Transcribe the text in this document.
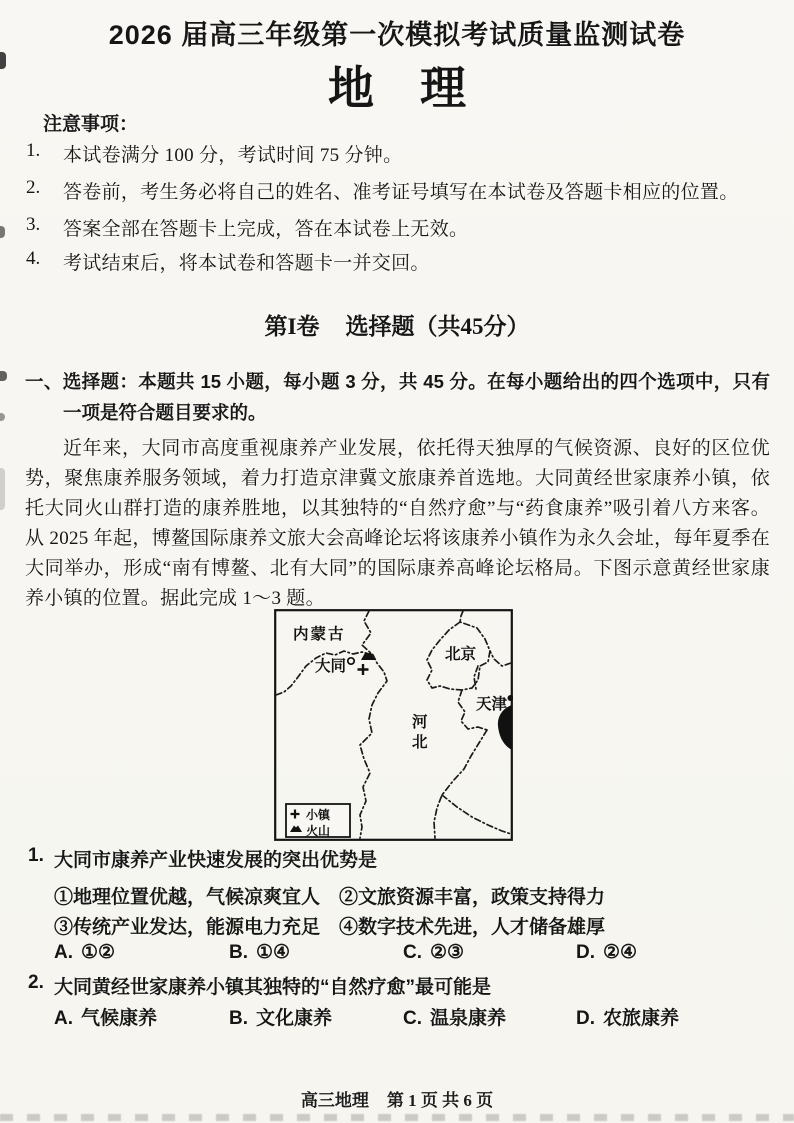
2026 届高三年级第一次模拟考试质量监测试卷
地　理
注意事项：
1. 本试卷满分 100 分，考试时间 75 分钟。
2. 答卷前，考生务必将自己的姓名、准考证号填写在本试卷及答题卡相应的位置。
3. 答案全部在答题卡上完成，答在本试卷上无效。
4. 考试结束后，将本试卷和答题卡一并交回。
第I卷 选择题（共45分）
一、选择题：本题共 15 小题，每小题 3 分，共 45 分。在每小题给出的四个选项中，只有一项是符合题目要求的。
近年来，大同市高度重视康养产业发展，依托得天独厚的气候资源、良好的区位优势，聚焦康养服务领域，着力打造京津冀文旅康养首选地。大同黄经世家康养小镇，依托大同火山群打造的康养胜地，以其独特的“自然疗愈”与“药食康养”吸引着八方来客。从 2025 年起，博鳌国际康养文旅大会高峰论坛将该康养小镇作为永久会址，每年夏季在大同举办，形成“南有博鳌、北有大同”的国际康养高峰论坛格局。下图示意黄经世家康养小镇的位置。据此完成 1～3 题。
内蒙古
大同
北京
天津
河
北
小镇
火山
1. 大同市康养产业快速发展的突出优势是
①地理位置优越，气候凉爽宜人　②文旅资源丰富，政策支持得力
③传统产业发达，能源电力充足　④数字技术先进，人才储备雄厚
A. ①②	B. ①④	C. ②③	D. ②④
2. 大同黄经世家康养小镇其独特的“自然疗愈”最可能是
A. 气候康养	B. 文化康养	C. 温泉康养	D. 农旅康养
高三地理 第 1 页 共 6 页
